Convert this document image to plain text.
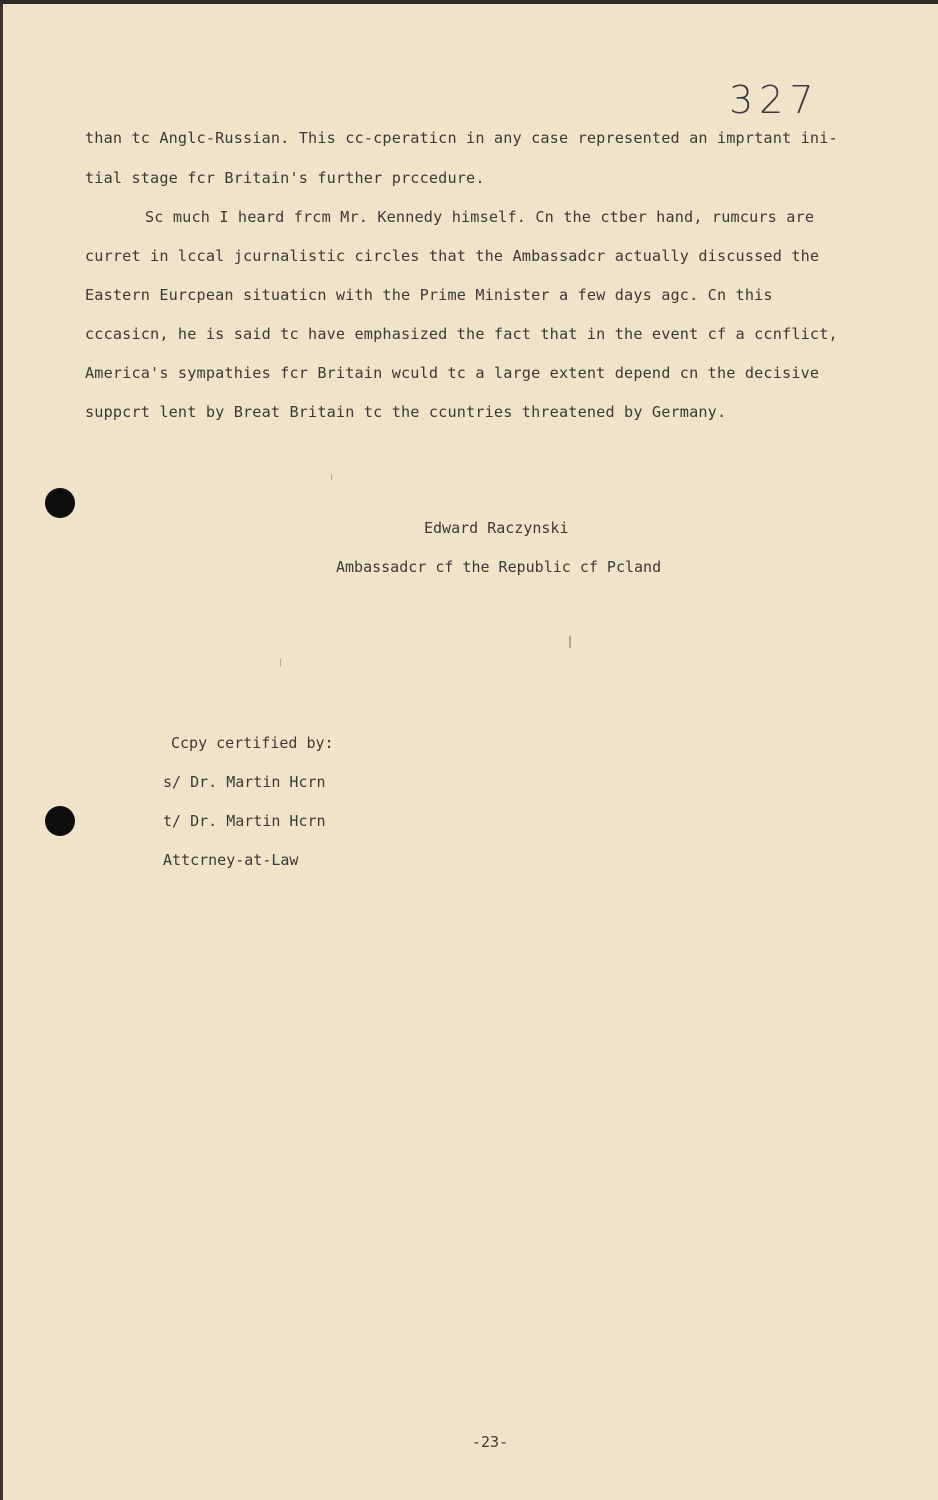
327
than tc Anglc-Russian. This cc-cperaticn in any case represented an imprtant ini-
tial stage fcr Britain's further prccedure.
Sc much I heard frcm Mr. Kennedy himself. Cn the ctber hand, rumcurs are
curret in lccal jcurnalistic circles that the Ambassadcr actually discussed the
Eastern Eurcpean situaticn with the Prime Minister a few days agc. Cn this
cccasicn, he is said tc have emphasized the fact that in the event cf a ccnflict,
America's sympathies fcr Britain wculd tc a large extent depend cn the decisive
suppcrt lent by Breat Britain tc the ccuntries threatened by Germany.
Edward Raczynski
Ambassadcr cf the Republic cf Pcland
Ccpy certified by:
s/ Dr. Martin Hcrn
t/ Dr. Martin Hcrn
Attcrney-at-Law
-23-
